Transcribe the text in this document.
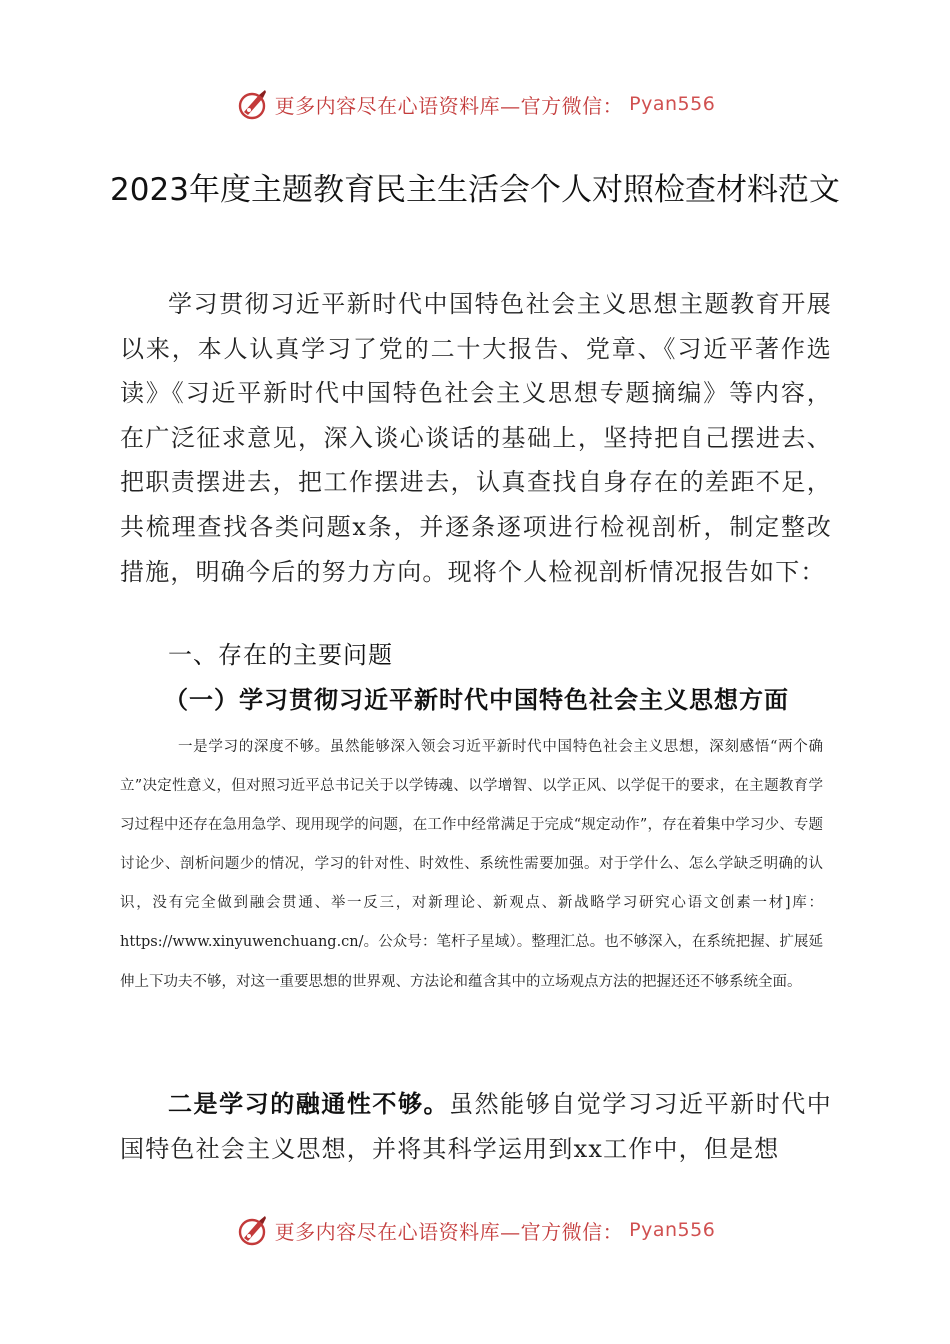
更多内容尽在心语资料库—官方微信： Pyan556
2023年度主题教育民主生活会个人对照检查材料范文
学习贯彻习近平新时代中国特色社会主义思想主题教育开展以来，本人认真学习了党的二十大报告、党章、《习近平著作选读》《习近平新时代中国特色社会主义思想专题摘编》等内容，在广泛征求意见，深入谈心谈话的基础上，坚持把自己摆进去、把职责摆进去，把工作摆进去，认真查找自身存在的差距不足，共梳理查找各类问题x条，并逐条逐项进行检视剖析，制定整改措施，明确今后的努力方向。现将个人检视剖析情况报告如下：
一、存在的主要问题
（一）学习贯彻习近平新时代中国特色社会主义思想方面
一是学习的深度不够。虽然能够深入领会习近平新时代中国特色社会主义思想，深刻感悟“两个确立”决定性意义，但对照习近平总书记关于以学铸魂、以学增智、以学正风、以学促干的要求，在主题教育学习过程中还存在急用急学、现用现学的问题，在工作中经常满足于完成“规定动作”，存在着集中学习少、专题讨论少、剖析问题少的情况，学习的针对性、时效性、系统性需要加强。对于学什么、怎么学缺乏明确的认识，没有完全做到融会贯通、举一反三，对新理论、新观点、新战略学习研究心语文创素一材]库：https://www.xinyuwenchuang.cn/。公众号：笔杆子星域）。整理汇总。也不够深入，在系统把握、扩展延伸上下功夫不够，对这一重要思想的世界观、方法论和蕴含其中的立场观点方法的把握还还不够系统全面。
二是学习的融通性不够。虽然能够自觉学习习近平新时代中国特色社会主义思想，并将其科学运用到xx工作中，但是想
更多内容尽在心语资料库—官方微信： Pyan556
